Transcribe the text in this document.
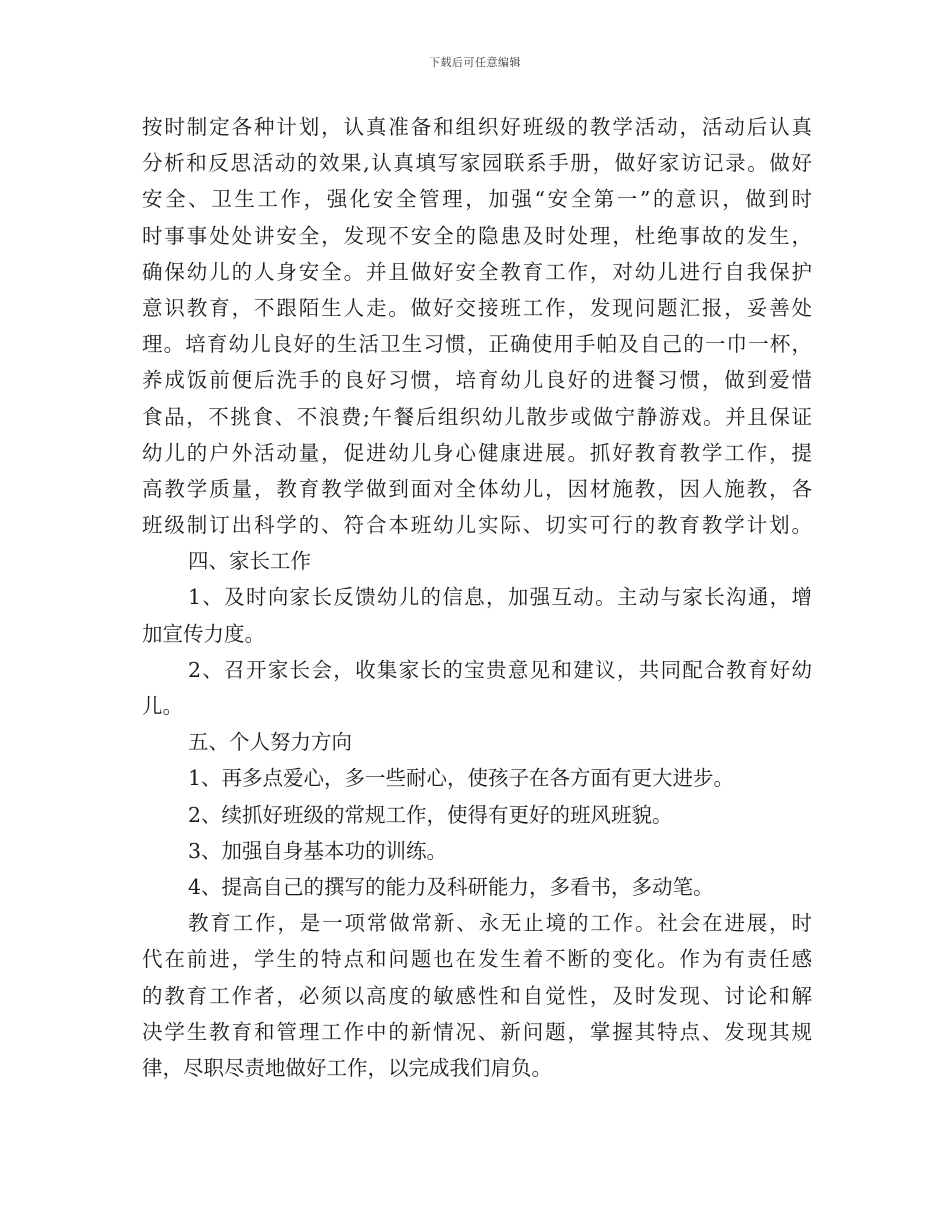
下载后可任意编辑
按时制定各种计划，认真准备和组织好班级的教学活动，活动后认真
分析和反思活动的效果,认真填写家园联系手册，做好家访记录。做好
安全、卫生工作，强化安全管理，加强“安全第一”的意识，做到时
时事事处处讲安全，发现不安全的隐患及时处理，杜绝事故的发生，
确保幼儿的人身安全。并且做好安全教育工作，对幼儿进行自我保护
意识教育，不跟陌生人走。做好交接班工作，发现问题汇报，妥善处
理。培育幼儿良好的生活卫生习惯，正确使用手帕及自己的一巾一杯，
养成饭前便后洗手的良好习惯，培育幼儿良好的进餐习惯，做到爱惜
食品，不挑食、不浪费;午餐后组织幼儿散步或做宁静游戏。并且保证
幼儿的户外活动量，促进幼儿身心健康进展。抓好教育教学工作，提
高教学质量，教育教学做到面对全体幼儿，因材施教，因人施教，各
班级制订出科学的、符合本班幼儿实际、切实可行的教育教学计划。
四、家长工作
1、及时向家长反馈幼儿的信息，加强互动。主动与家长沟通，增
加宣传力度。
2、召开家长会，收集家长的宝贵意见和建议，共同配合教育好幼
儿。
五、个人努力方向
1、再多点爱心，多一些耐心，使孩子在各方面有更大进步。
2、续抓好班级的常规工作，使得有更好的班风班貌。
3、加强自身基本功的训练。
4、提高自己的撰写的能力及科研能力，多看书，多动笔。
教育工作，是一项常做常新、永无止境的工作。社会在进展，时
代在前进，学生的特点和问题也在发生着不断的变化。作为有责任感
的教育工作者，必须以高度的敏感性和自觉性，及时发现、讨论和解
决学生教育和管理工作中的新情况、新问题，掌握其特点、发现其规
律，尽职尽责地做好工作，以完成我们肩负。
